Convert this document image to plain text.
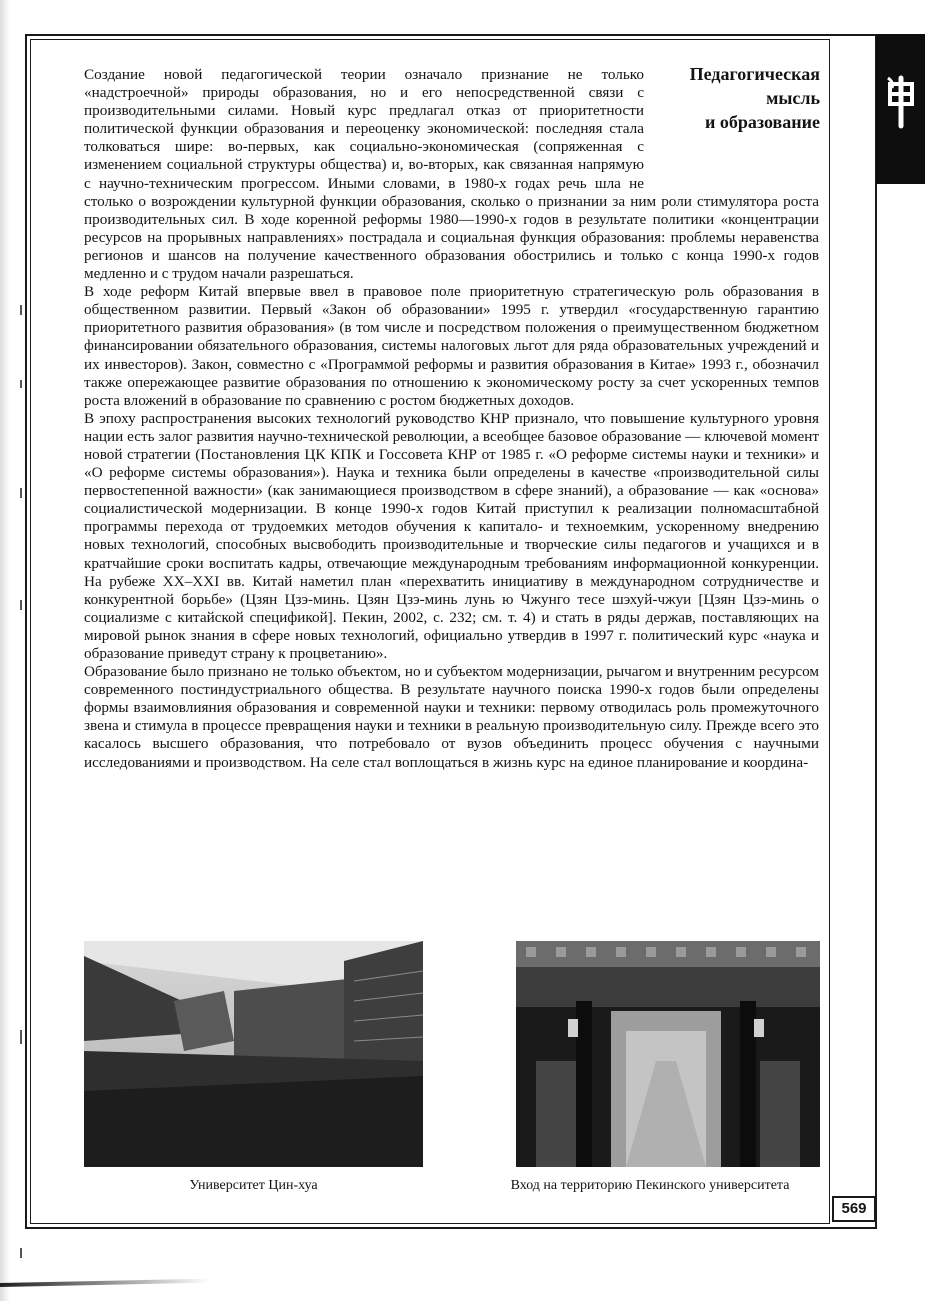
Педагогическая
мысль
и образование

Создание новой педагогической теории означало признание не только «надстроечной» природы образования, но и его непосредственной связи с производительными силами. Новый курс предлагал отказ от приоритетности политической функции образования и переоценку экономической: последняя стала толковаться шире: во-первых, как социально-экономическая (сопряженная с изменением социальной структуры общества) и, во-вторых, как связанная напрямую с научно-техническим прогрессом. Иными словами, в 1980-х годах речь шла не столько о возрождении культурной функции образования, сколько о признании за ним роли стимулятора роста производительных сил. В ходе коренной реформы 1980—1990-х годов в результате политики «концентрации ресурсов на прорывных направлениях» пострадала и социальная функция образования: проблемы неравенства регионов и шансов на получение качественного образования обострились и только с конца 1990-х годов медленно и с трудом начали разрешаться.

В ходе реформ Китай впервые ввел в правовое поле приоритетную стратегическую роль образования в общественном развитии. Первый «Закон об образовании» 1995 г. утвердил «государственную гарантию приоритетного развития образования» (в том числе и посредством положения о преимущественном бюджетном финансировании обязательного образования, системы налоговых льгот для ряда образовательных учреждений и их инвесторов). Закон, совместно с «Программой реформы и развития образования в Китае» 1993 г., обозначил также опережающее развитие образования по отношению к экономическому росту за счет ускоренных темпов роста вложений в образование по сравнению с ростом бюджетных доходов.

В эпоху распространения высоких технологий руководство КНР признало, что повышение культурного уровня нации есть залог развития научно-технической революции, а всеобщее базовое образование — ключевой момент новой стратегии (Постановления ЦК КПК и Госсовета КНР от 1985 г. «О реформе системы науки и техники» и «О реформе системы образования»). Наука и техника были определены в качестве «производительной силы первостепенной важности» (как занимающиеся производством в сфере знаний), а образование — как «основа» социалистической модернизации. В конце 1990-х годов Китай приступил к реализации полномасштабной программы перехода от трудоемких методов обучения к капитало- и техноемким, ускоренному внедрению новых технологий, способных высвободить производительные и творческие силы педагогов и учащихся и в кратчайшие сроки воспитать кадры, отвечающие международным требованиям информационной конкуренции. На рубеже XX–XXI вв. Китай наметил план «перехватить инициативу в международном сотрудничестве и конкурентной борьбе» (Цзян Цзэ-минь. Цзян Цзэ-минь лунь ю Чжунго тесе шэхуй-чжуи [Цзян Цзэ-минь о социализме с китайской спецификой]. Пекин, 2002, с. 232; см. т. 4) и стать в ряды держав, поставляющих на мировой рынок знания в сфере новых технологий, официально утвердив в 1997 г. политический курс «наука и образование приведут страну к процветанию».

Образование было признано не только объектом, но и субъектом модернизации, рычагом и внутренним ресурсом современного постиндустриального общества. В результате научного поиска 1990-х годов были определены формы взаимовлияния образования и современной науки и техники: первому отводилась роль промежуточного звена и стимула в процессе превращения науки и техники в реальную производительную силу. Прежде всего это касалось высшего образования, что потребовало от вузов объединить процесс обучения с научными исследованиями и производством. На селе стал воплощаться в жизнь курс на единое планирование и координа-

Университет Цин-хуа	Вход на территорию Пекинского университета
569
